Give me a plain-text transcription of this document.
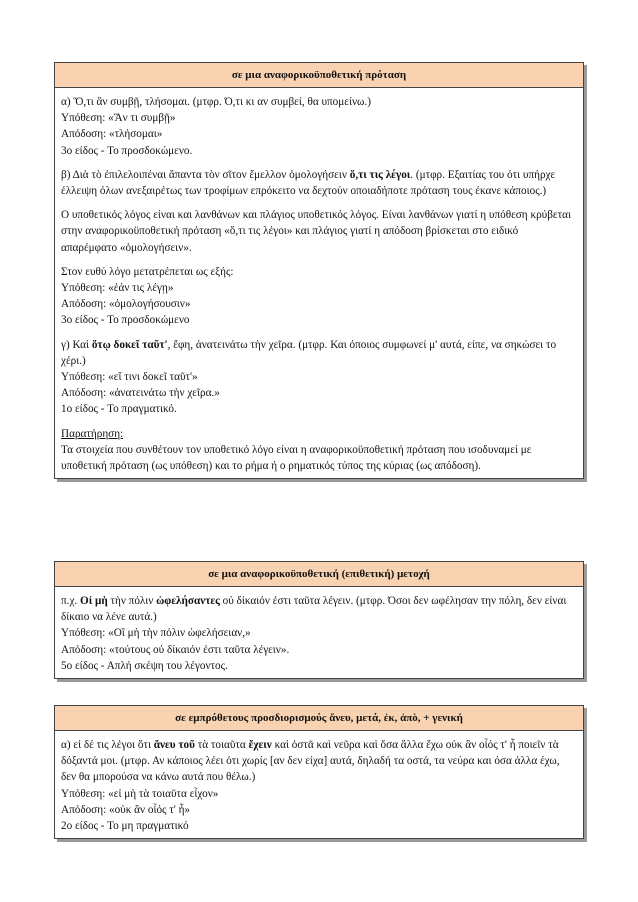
σε μια αναφορικοϋποθετική πρόταση

α) Ὅ,τι ἂν συμβῇ, τλήσομαι. (μτφρ. Ό,τι κι αν συμβεί, θα υπομείνω.)
Υπόθεση: «Ἂν τι συμβῇ»
Απόδοση: «τλήσομαι»
3ο είδος - Το προσδοκώμενο.

β) Διὰ τὸ ἐπιλελοιπέναι ἅπαντα τὸν σῖτον ἔμελλον ὁμολογήσειν ὅ,τι τις λέγοι. (μτφρ. Εξαιτίας του ότι υπήρχε έλλειψη όλων ανεξαιρέτως των τροφίμων επρόκειτο να δεχτούν οποιαδήποτε πρόταση τους έκανε κάποιος.)

Ο υποθετικός λόγος είναι και λανθάνων και πλάγιος υποθετικός λόγος. Είναι λανθάνων γιατί η υπόθεση κρύβεται στην αναφορικοϋποθετική πρόταση «ὅ,τι τις λέγοι» και πλάγιος γιατί η απόδοση βρίσκεται στο ειδικό απαρέμφατο «ὁμολογήσειν».

Στον ευθύ λόγο μετατρέπεται ως εξής:
Υπόθεση: «ἐάν τις λέγῃ»
Απόδοση: «ὁμολογήσουσιν»
3ο είδος - Το προσδοκώμενο

γ) Καὶ ὅτῳ δοκεῖ ταῦτ', ἔφη, ἀνατεινάτω τὴν χεῖρα. (μτφρ. Και όποιος συμφωνεί μ' αυτά, είπε, να σηκώσει το χέρι.)
Υπόθεση: «εἴ τινι δοκεῖ ταῦτ'»
Απόδοση: «ἀνατεινάτω τὴν χεῖρα.»
1ο είδος - Το πραγματικό.

Παρατήρηση:
Τα στοιχεία που συνθέτουν τον υποθετικό λόγο είναι η αναφορικοϋποθετική πρόταση που ισοδυναμεί με υποθετική πρόταση (ως υπόθεση) και το ρήμα ή ο ρηματικός τύπος της κύριας (ως απόδοση).

σε μια αναφορικοϋποθετική (επιθετική) μετοχή

π.χ. Οἱ μὴ τὴν πόλιν ὠφελήσαντες οὐ δίκαιόν ἐστι ταῦτα λέγειν. (μτφρ. Όσοι δεν ωφέλησαν την πόλη, δεν είναι δίκαιο να λένε αυτά.)
Υπόθεση: «Οἳ μὴ τὴν πόλιν ὠφελήσειαν,»
Απόδοση: «τούτους οὐ δίκαιόν ἐστι ταῦτα λέγειν».
5ο είδος - Απλή σκέψη του λέγοντος.

σε εμπρόθετους προσδιορισμούς ἄνευ, μετά, ἐκ, ἀπὸ, + γενική

α) εἰ δέ τις λέγοι ὅτι ἄνευ τοῦ τὰ τοιαῦτα ἔχειν καὶ ὀστᾶ καὶ νεῦρα καὶ ὅσα ἄλλα ἔχω οὐκ ἂν οἷός τ' ἦ ποιεῖν τὰ δόξαντά μοι. (μτφρ. Αν κάποιος λέει ότι χωρίς [αν δεν είχα] αυτά, δηλαδή τα οστά, τα νεύρα και όσα άλλα έχω, δεν θα μπορούσα να κάνω αυτά που θέλω.)
Υπόθεση: «εἰ μὴ τὰ τοιαῦτα εἶχον»
Απόδοση: «οὐκ ἂν οἷός τ' ἦ»
2ο είδος - Το μη πραγματικό
